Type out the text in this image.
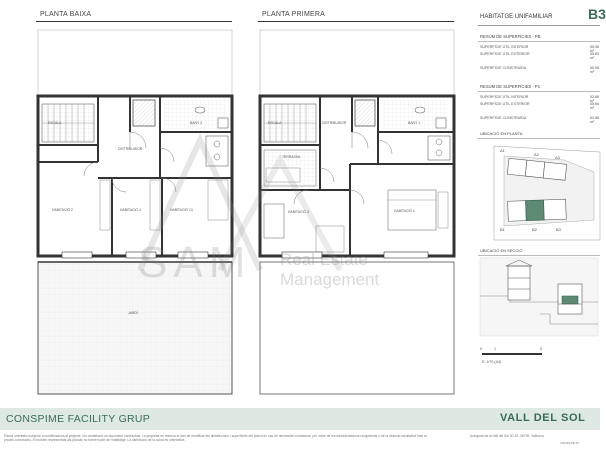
PLANTA BAIXA	PLANTA PRIMERA
ESCALA
DISTRIBUIDOR
BANY 3
HABITACIÓ 2	HABITACIÓ 4	HABITACIÓ 13
JARDÍ
ESCALA	DISTRIBUIDOR	BANY 1
TERRASSA
HABITACIÓ 3	HABITACIÓ 1
SAM Real Estate
Management
HABITATGE UNIFAMILIAR	B3
RESUM DE SUPERFÍCIES - PB
SUPERFÍCIE ÚTIL INTERIOR	55.98 m²
SUPERFÍCIE ÚTIL EXTERIOR	55.80 m²
SUPERFÍCIE CONSTRUÏDA	65.96 m²
RESUM DE SUPERFÍCIES - P1
SUPERFÍCIE ÚTIL INTERIOR	52.88 m²
SUPERFÍCIE ÚTIL EXTERIOR	05.66 m²
SUPERFÍCIE CONSTRUÏDA	63.88 m²
UBICACIÓ EN PLANTA
A1
A2
A3
B1	B2	B3
UBICACIÓ EN SECCIÓ
0	1	5
E: 1/70 (A3)
CONSPIME FACILITY GRUP	VALL DEL SOL
Plànol orientatiu subjecte a modificacions al projecte. No constitueix un document contractual. La propietat es reserva el dret de modificar les distribucions i superfícies del plànol en cas de necessitat contractual, per ordre de les administracions competents o de la direcció facultativa finst al procés constructiu. El mobles representats als plànols no formen part de l'habitatge. La distribució de la cuina és orientativa.
Avinguda de la Vall del Sol 30-32, 08759, Vallirana
VDS-B3-PB-P1
